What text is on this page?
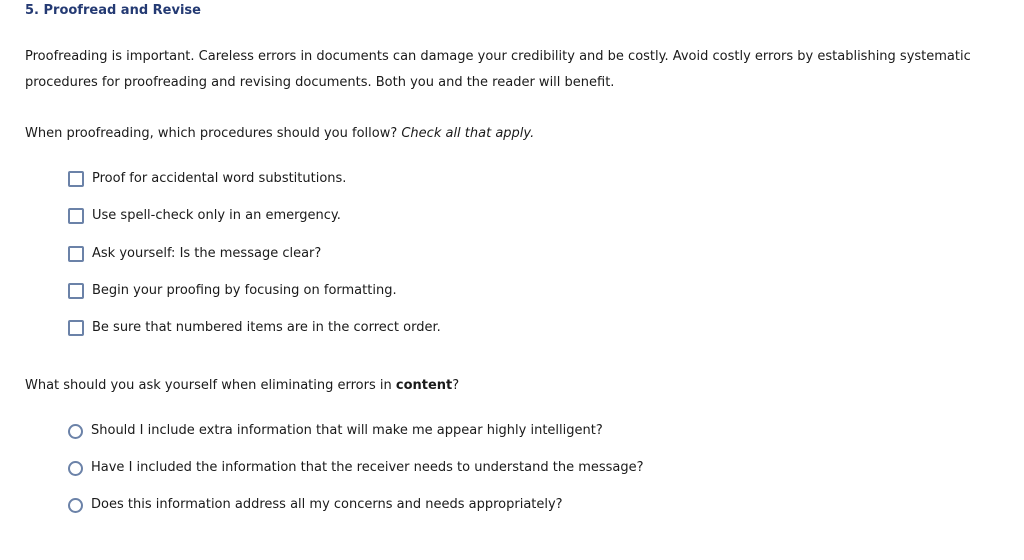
5. Proofread and Revise
Proofreading is important. Careless errors in documents can damage your credibility and be costly. Avoid costly errors by establishing systematic procedures for proofreading and revising documents. Both you and the reader will benefit.
When proofreading, which procedures should you follow? Check all that apply.
Proof for accidental word substitutions.
Use spell-check only in an emergency.
Ask yourself: Is the message clear?
Begin your proofing by focusing on formatting.
Be sure that numbered items are in the correct order.
What should you ask yourself when eliminating errors in content?
Should I include extra information that will make me appear highly intelligent?
Have I included the information that the receiver needs to understand the message?
Does this information address all my concerns and needs appropriately?
